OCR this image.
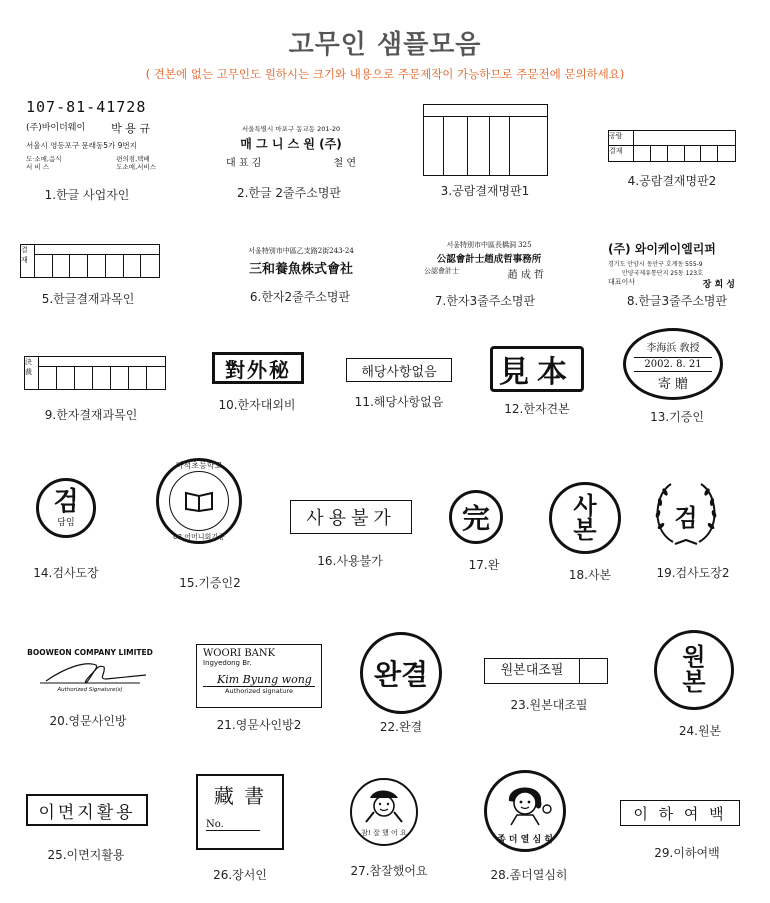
고무인 샘플모음
( 견본에 없는 고무인도 원하시는 크기와 내용으로 주문제작이 가능하므로 주문전에 문의하세요)
107-81-41728
(주)바이더웨이 박 용 규
서울시 영등포구 문래동5가 9번지
도·소매,음식
서 비 스
편의점,택배
도소매,서비스
1.한글 사업자인
서울특별시 마포구 동교동 201-20
매 그 니 스 원 (주)
대 표 김	철 연
2.한글 2줄주소명판	3.공람결재명판1
공람
결재
4.공람결재명판2
결
재
5.한글결재과목인
서울特別市中區乙支路2街243-24
三和養魚株式會社
6.한자2줄주소명판
서울特別市中區長橋洞 325
公認會計士趙成哲事務所
公認會計士	趙 成 哲
7.한자3줄주소명판
(주) 와이케이엘리퍼
경기도 안양시 동안구 호계동 555-9
안양국제유통단지 25동 123호
대표이사	장 희 성
8.한글3줄주소명판
決
裁
9.한자결재과목인
對外秘
10.한자대외비
해당사항없음
11.해당사항없음
見本
12.한자견본
李海浜 敎授
2002. 8. 21
寄 贈
13.기증인
검
담임
14.검사도장
마석초등학교
03 어머니회기증
15.기증인2
사용불가
16.사용불가
完
17.완
사
본
18.사본
검
19.검사도장2
BOOWEON COMPANY LIMITED
Authorized Signature(s)
20.영문사인방
WOORI BANK
Ingyedong Br.
Kim Byung wong
Authorized signature
21.영문사인방2
완결
22.완결
원본대조필
23.원본대조필
원
본
24.원본
이면지활용
25.이면지활용
藏 書
No.
26.장서인
참! 잘 했 어 요
27.참잘했어요
좀 더 열 심 히
28.좀더열심히
이 하 여 백
29.이하여백
